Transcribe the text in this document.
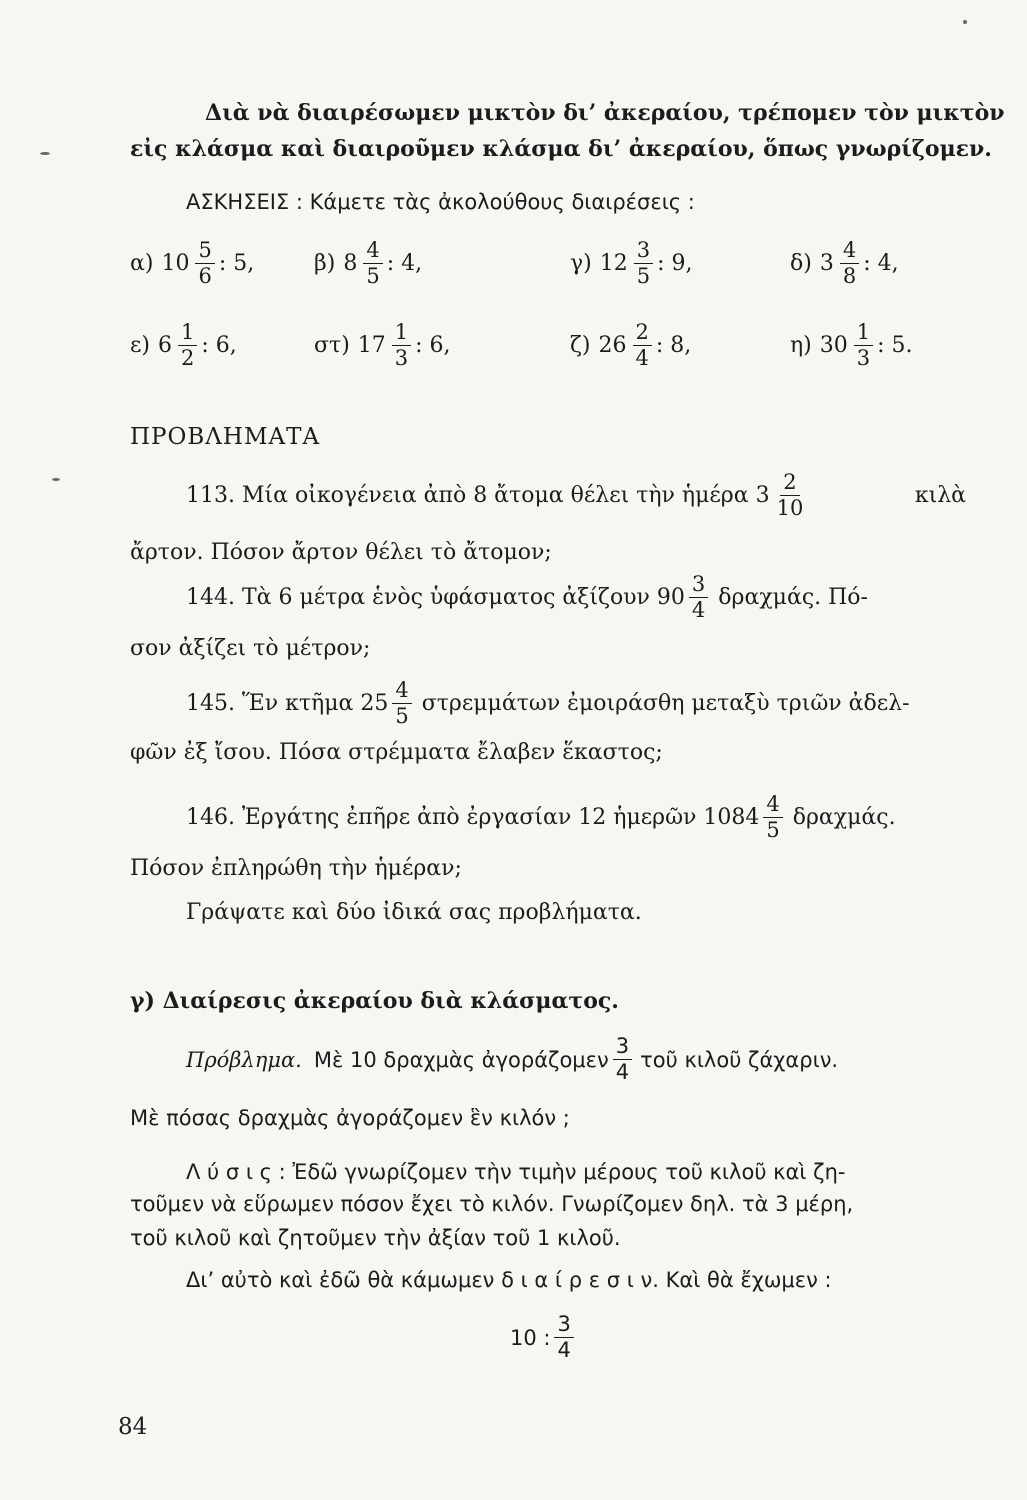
Διὰ νὰ διαιρέσωμεν μικτὸν δι’ ἀκεραίου, τρέπομεν τὸν μικτὸν
εἰς κλάσμα καὶ διαιροῦμεν κλάσμα δι’ ἀκεραίου, ὅπως γνωρίζομεν.
ΑΣΚΗΣΕΙΣ : Κάμετε τὰς ἀκολούθους διαιρέσεις :
α) $10 \frac{5}{6}$ : 5,	β) $8 \frac{4}{5}$ : 4,	γ) $12 \frac{3}{5}$ : 9,	δ) $3 \frac{4}{8}$ : 4,
ε) $6 \frac{1}{2}$ : 6,	στ) $17 \frac{1}{3}$ : 6,	ζ) $26 \frac{2}{4}$ : 8,	η) $30 \frac{1}{3}$ : 5.
ΠΡΟΒΛΗΜΑΤΑ
113. Μία οἰκογένεια ἀπὸ 8 ἄτομα θέλει τὴν ἡμέρα $3 \frac{2}{10}$	κιλὰ
ἄρτον. Πόσον ἄρτον θέλει τὸ ἄτομον;
144. Τὰ 6 μέτρα ἑνὸς ὑφάσματος ἀξίζουν $90 \frac{3}{4} \delta\rho\alpha\chi\mu ά\varsigma$. Πό-
σον ἀξίζει τὸ μέτρον;
145. Ἕν κτῆμα $25 \frac{4}{5}$ στρεμμάτων ἐμοιράσθη μεταξὺ τριῶν ἀδελ-
φῶν ἐξ ἴσου. Πόσα στρέμματα ἔλαβεν ἕκαστος;
146. Ἐργάτης ἐπῆρε ἀπὸ ἐργασίαν 12 ἡμερῶν $1084 \frac{4}{5} \delta\rho\alpha\chi\mu ά\varsigma$.
Πόσον ἐπληρώθη τὴν ἡμέραν;
Γράψατε καὶ δύο ἰδικά σας προβλήματα.
γ) Διαίρεσις ἀκεραίου διὰ κλάσματος.
Πρόβλημα. Μὲ 10 δραχμὰς ἀγοράζομεν $\frac{3}{4}$ τοῦ κιλοῦ ζάχαριν.
Μὲ πόσας δραχμὰς ἀγοράζομεν ἓν κιλόν ;
Λ ύ σ ι ς : Ἐδῶ γνωρίζομεν τὴν τιμὴν μέρους τοῦ κιλοῦ καὶ ζη-
τοῦμεν νὰ εὕρωμεν πόσον ἔχει τὸ κιλόν. Γνωρίζομεν δηλ. τὰ 3 μέρη,
τοῦ κιλοῦ καὶ ζητοῦμεν τὴν ἀξίαν τοῦ 1 κιλοῦ.
Δι’ αὐτὸ καὶ ἐδῶ θὰ κάμωμεν δ ι α ί ρ ε σ ι ν. Καὶ θὰ ἔχωμεν :
10 : $\frac{3}{4}$
84
